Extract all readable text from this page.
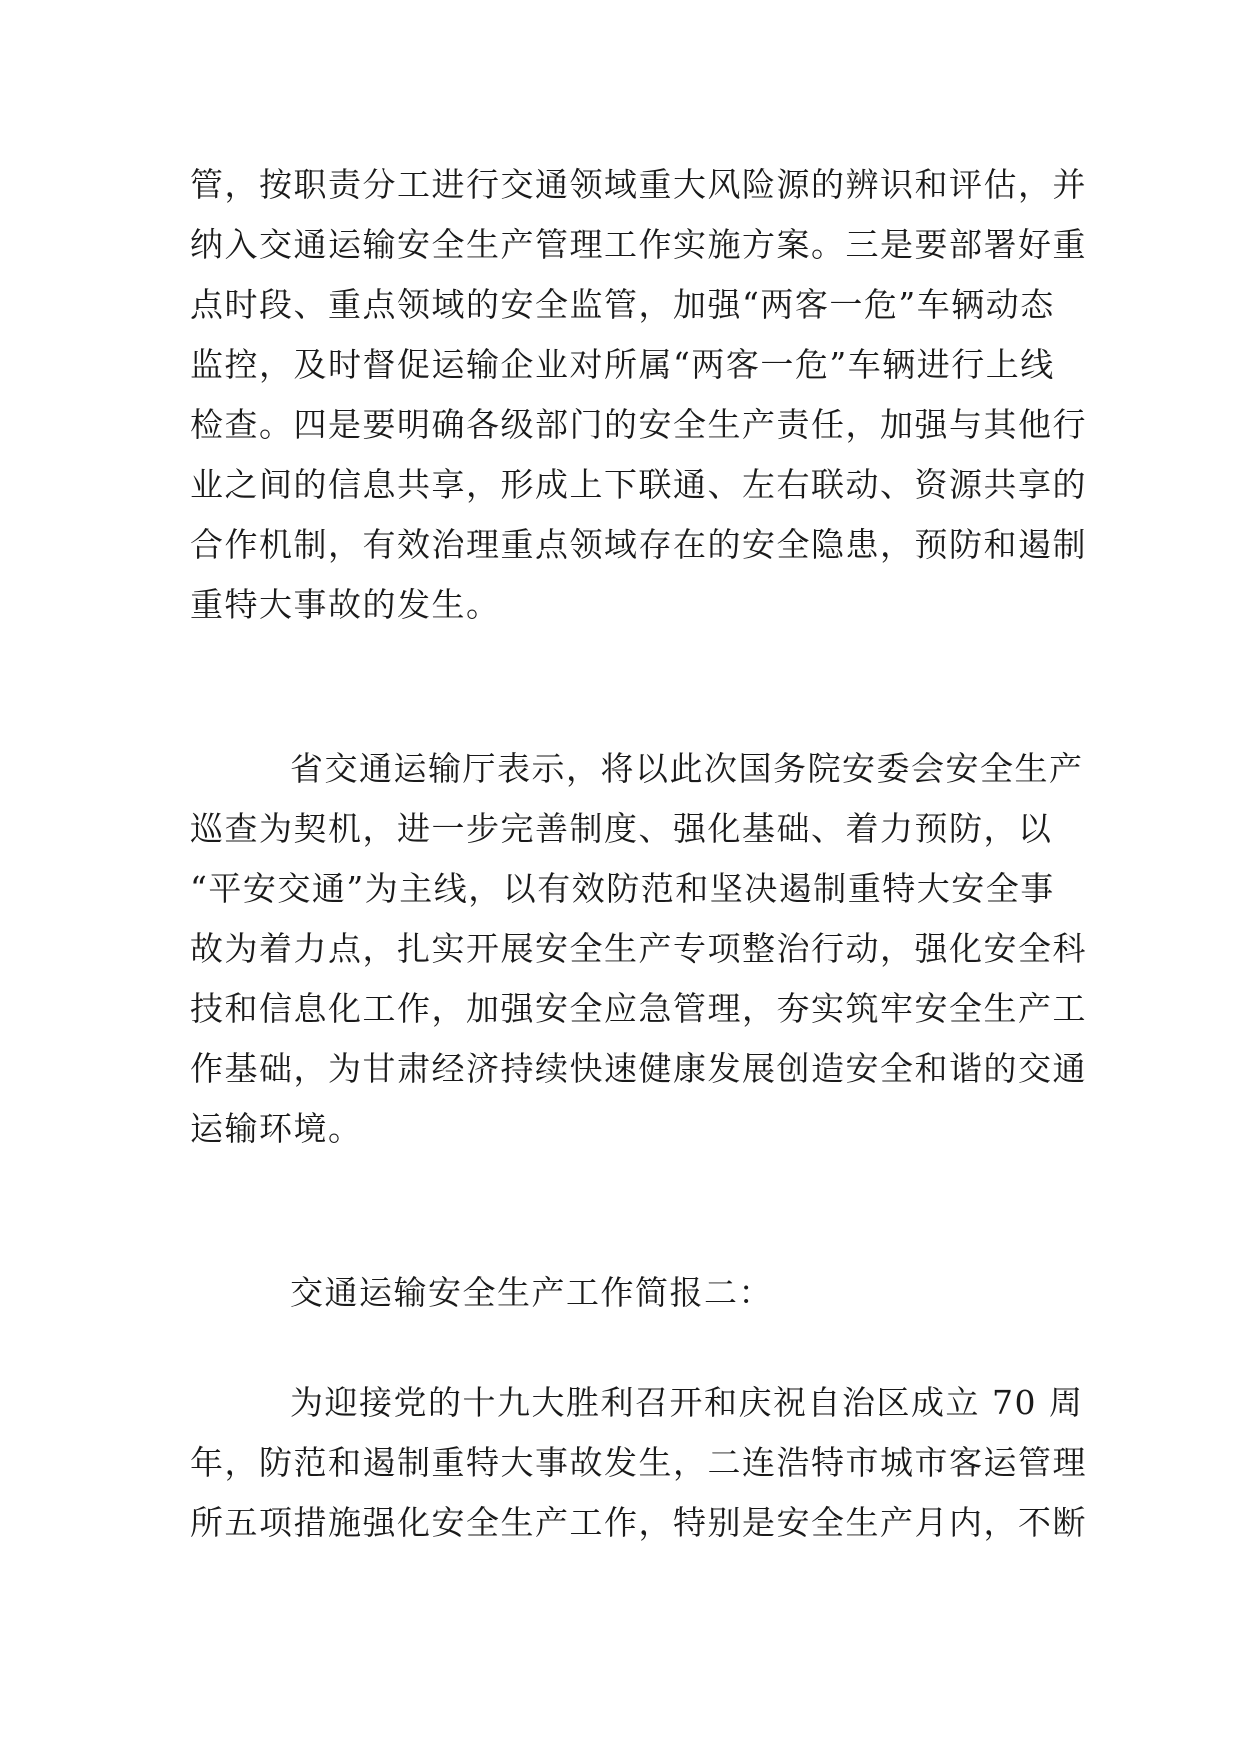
管，按职责分工进行交通领域重大风险源的辨识和评估，并
纳入交通运输安全生产管理工作实施方案。三是要部署好重
点时段、重点领域的安全监管，加强“两客一危”车辆动态
监控，及时督促运输企业对所属“两客一危”车辆进行上线
检查。四是要明确各级部门的安全生产责任，加强与其他行
业之间的信息共享，形成上下联通、左右联动、资源共享的
合作机制，有效治理重点领域存在的安全隐患，预防和遏制
重特大事故的发生。
省交通运输厅表示，将以此次国务院安委会安全生产
巡查为契机，进一步完善制度、强化基础、着力预防，以
“平安交通”为主线，以有效防范和坚决遏制重特大安全事
故为着力点，扎实开展安全生产专项整治行动，强化安全科
技和信息化工作，加强安全应急管理，夯实筑牢安全生产工
作基础，为甘肃经济持续快速健康发展创造安全和谐的交通
运输环境。
交通运输安全生产工作简报二：
为迎接党的十九大胜利召开和庆祝自治区成立 70 周
年，防范和遏制重特大事故发生，二连浩特市城市客运管理
所五项措施强化安全生产工作，特别是安全生产月内，不断
